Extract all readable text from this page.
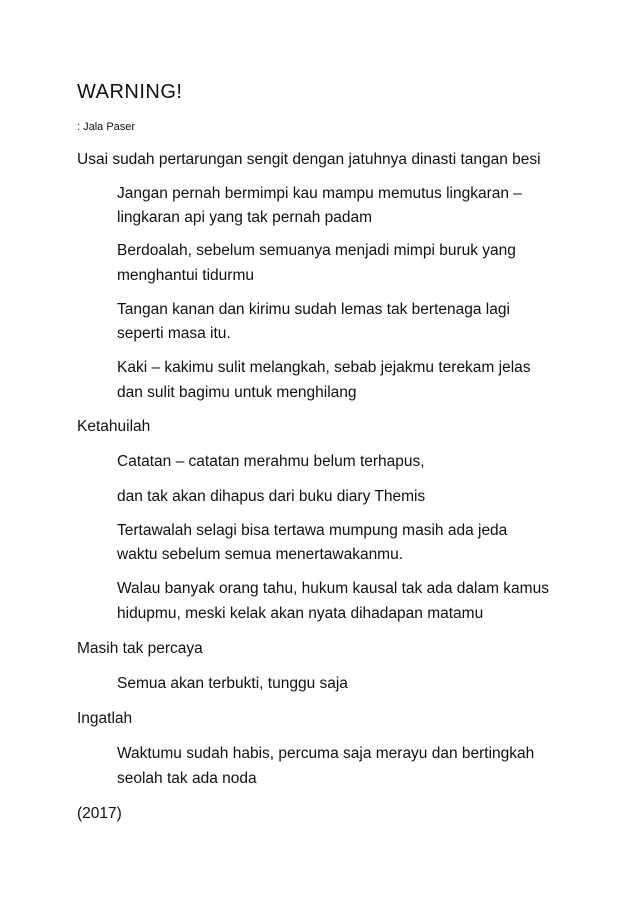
WARNING!
: Jala Paser
Usai sudah pertarungan sengit dengan jatuhnya dinasti tangan besi
Jangan pernah bermimpi kau mampu memutus lingkaran –
lingkaran api yang tak pernah padam
Berdoalah, sebelum semuanya menjadi mimpi buruk yang
menghantui tidurmu
Tangan kanan dan kirimu sudah lemas tak bertenaga lagi
seperti masa itu.
Kaki – kakimu sulit melangkah, sebab jejakmu terekam jelas
dan sulit bagimu untuk menghilang
Ketahuilah
Catatan – catatan merahmu belum terhapus,
dan tak akan dihapus dari buku diary Themis
Tertawalah selagi bisa tertawa mumpung masih ada jeda
waktu sebelum semua menertawakanmu.
Walau banyak orang tahu, hukum kausal tak ada dalam kamus
hidupmu, meski kelak akan nyata dihadapan matamu
Masih tak percaya
Semua akan terbukti, tunggu saja
Ingatlah
Waktumu sudah habis, percuma saja merayu dan bertingkah
seolah tak ada noda
(2017)
